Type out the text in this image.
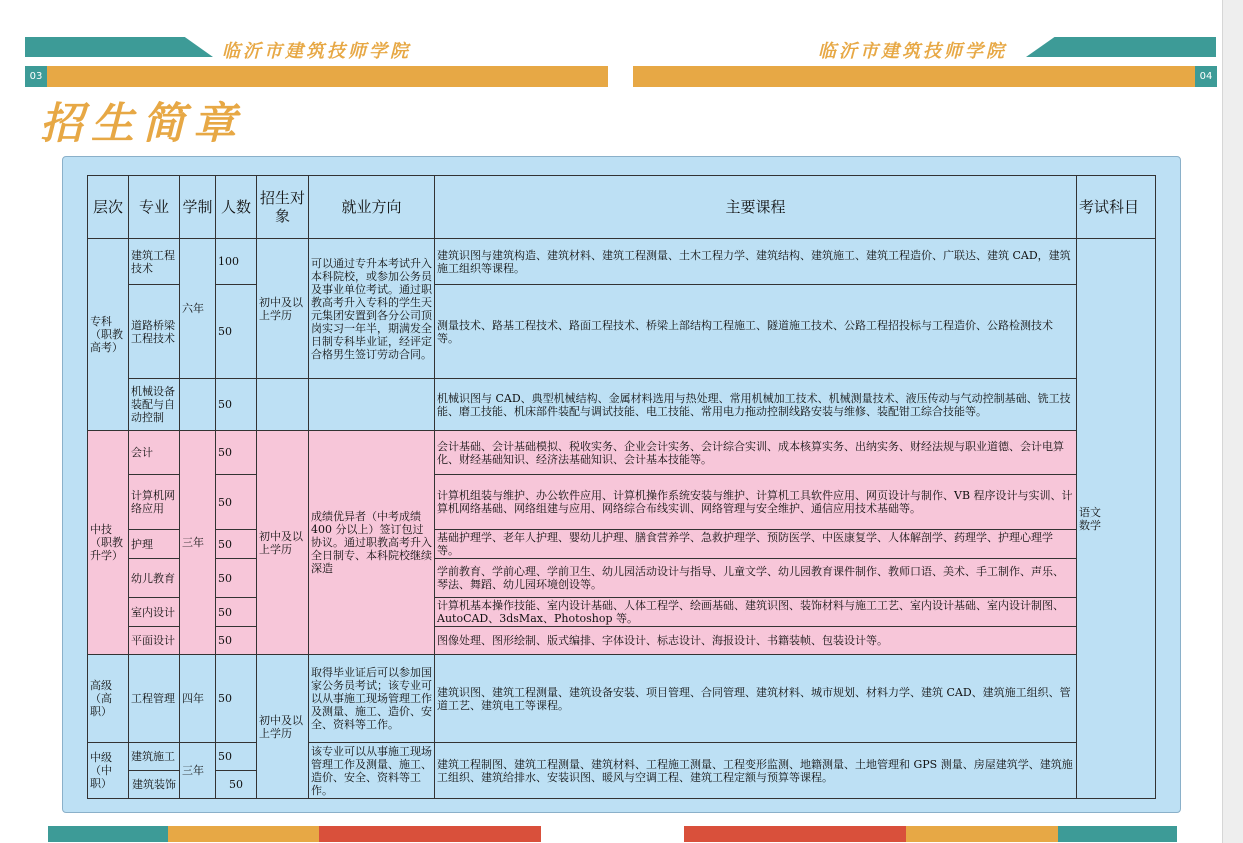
临沂市建筑技师学院
03
临沂市建筑技师学院
04
招生简章
层次	专业	学制	人数	招生对象	就业方向	主要课程	考试科目
专科（职教高考）	建筑工程技术	六年	100	初中及以上学历	可以通过专升本考试升入本科院校，或参加公务员及事业单位考试。通过职教高考升入专科的学生天元集团安置到各分公司顶岗实习一年半，期满发全日制专科毕业证，经评定合格男生签订劳动合同。	建筑识图与建筑构造、建筑材料、建筑工程测量、土木工程力学、建筑结构、建筑施工、建筑工程造价、广联达、建筑 CAD，建筑施工组织等课程。	语文
数学

	道路桥梁工程技术		50			测量技术、路基工程技术、路面工程技术、桥梁上部结构工程施工、隧道施工技术、公路工程招投标与工程造价、公路检测技术等。	
	机械设备装配与自动控制		50			机械识图与 CAD、典型机械结构、金属材料选用与热处理、常用机械加工技术、机械测量技术、液压传动与气动控制基础、铣工技能、磨工技能、机床部件装配与调试技能、电工技能、常用电力拖动控制线路安装与维修、装配钳工综合技能等。	
中技（职教升学）	会计	三年	50	初中及以上学历	成绩优异者（中考成绩 400 分以上）签订包过协议。通过职教高考升入全日制专、本科院校继续深造	会计基础、会计基础模拟、税收实务、企业会计实务、会计综合实训、成本核算实务、出纳实务、财经法规与职业道德、会计电算化、财经基础知识、经济法基础知识、会计基本技能等。	
	计算机网络应用		50			计算机组装与维护、办公软件应用、计算机操作系统安装与维护、计算机工具软件应用、网页设计与制作、VB 程序设计与实训、计算机网络基础、网络组建与应用、网络综合布线实训、网络管理与安全维护、通信应用技术基础等。	
	护理		50			基础护理学、老年人护理、婴幼儿护理、膳食营养学、急救护理学、预防医学、中医康复学、人体解剖学、药理学、护理心理学等。	
	幼儿教育		50			学前教育、学前心理、学前卫生、幼儿园活动设计与指导、儿童文学、幼儿园教育课件制作、教师口语、美术、手工制作、声乐、琴法、舞蹈、幼儿园环境创设等。	
	室内设计		50			计算机基本操作技能、室内设计基础、人体工程学、绘画基础、建筑识图、装饰材料与施工工艺、室内设计基础、室内设计制图、AutoCAD、3dsMax、Photoshop 等。	
	平面设计		50			图像处理、图形绘制、版式编排、字体设计、标志设计、海报设计、书籍装帧、包装设计等。	
高级（高职）	工程管理	四年	50	初中及以上学历	取得毕业证后可以参加国家公务员考试；该专业可以从事施工现场管理工作及测量、施工、造价、安全、资料等工作。	建筑识图、建筑工程测量、建筑设备安装、项目管理、合同管理、建筑材料、城市规划、材料力学、建筑 CAD、建筑施工组织、管道工艺、建筑电工等课程。	
中级（中职）	建筑施工	三年	50		该专业可以从事施工现场管理工作及测量、施工、造价、安全、资料等工作。	建筑工程制图、建筑工程测量、建筑材料、工程施工测量、工程变形监测、地籍测量、土地管理和 GPS 测量、房屋建筑学、建筑施工组织、建筑给排水、安装识图、暖风与空调工程、建筑工程定额与预算等课程。	
	建筑装饰		50				
